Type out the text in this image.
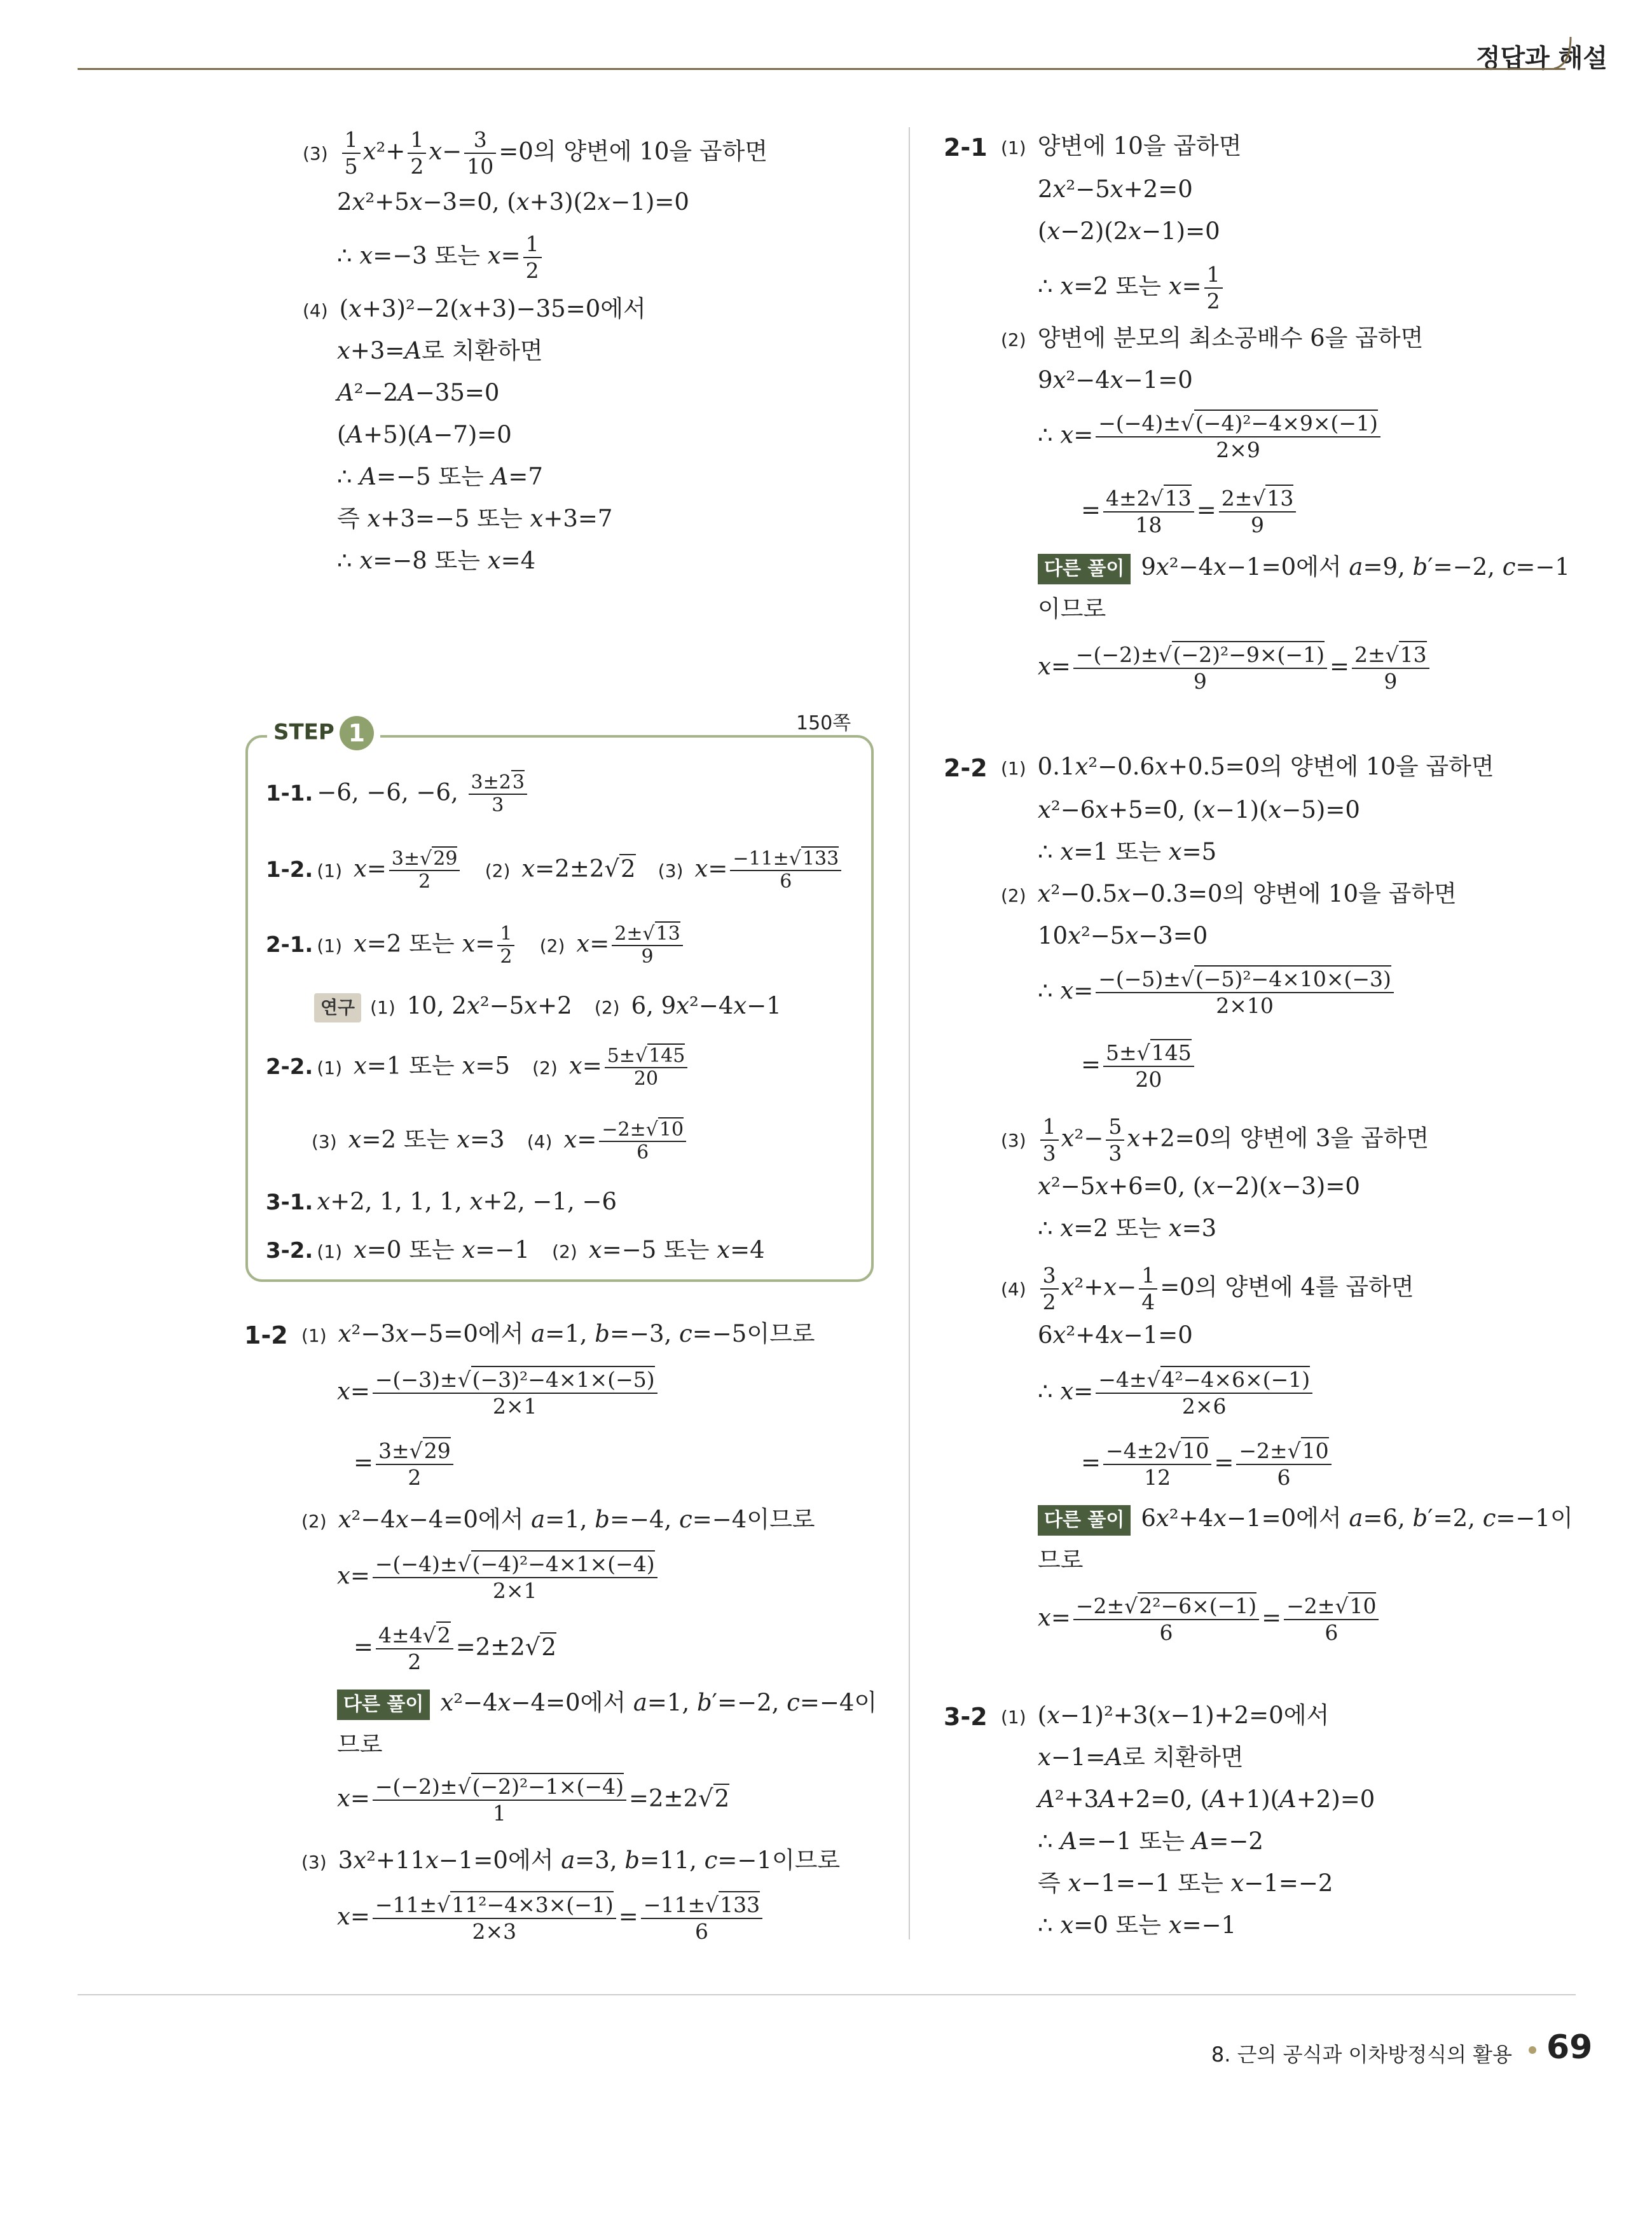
정답과 해설
$(3) \frac{1}{5} x^2+ \frac{1}{2} x- \frac{3}{10} =0$의 양변에 10을 곱하면
2x²+5x−3=0, (x+3)(2x−1)=0
∴ x=−3 또는 $x= \frac{1}{2}$
(4) (x+3)²−2(x+3)−35=0에서
x+3=A로 치환하면
A²−2A−35=0
(A+5)(A−7)=0
∴ A=−5 또는 A=7
즉 x+3=−5 또는 x+3=7
∴ x=−8 또는 x=4
150쪽
STEP 1
1-1. −6, −6, −6, $\frac{3\pm 23}{3}$
1-2. (1) $x= \frac{3\pm√29}{2} (2)$ x=2±2√2 (3) $x= \frac{-11\pm√133}{6}$
2-1. (1) x=2 또는 $x= \frac{1}{2} (2)$ $x= \frac{2\pm√13}{9}$
연구 (1) 10, 2x²−5x+2   (2) 6, 9x²−4x−1
2-2. (1) x=1 또는 x=5   (2) $x= \frac{5\pm√145}{20}$
(3) x=2 또는 x=3   (4) $x= \frac{-2\pm√10}{6}$
3-1. x+2, 1, 1, 1, x+2, −1, −6
3-2. (1) x=0 또는 x=−1   (2) x=−5 또는 x=4
1-2 (1) x²−3x−5=0에서 a=1, b=−3, c=−5이므로
$x= \frac{\text{−(−3)±√(−3)²−4×1×(−5)}}{2\times 1}$
= $\frac{3\pm√29}{2}$
(2) x²−4x−4=0에서 a=1, b=−4, c=−4이므로
$x= \frac{\text{−(−4)±√(−4)²−4×1×(−4)}}{2\times 1}$
= $\frac{4\pm 4√2}{2} =2\pm 2√2$
다른 풀이 x²−4x−4=0에서 a=1, b′=−2, c=−4이
므로
$x= \frac{\text{−(−2)±√(−2)²−1×(−4)}}{1} =2\pm 2√2$
(3) 3x²+11x−1=0에서 a=3, b=11, c=−1이므로
$x= \frac{\text{−11±√11²−4×3×(−1)}}{2\times 3} = \frac{-11\pm√133}{6}$
2-1 (1) 양변에 10을 곱하면
2x²−5x+2=0
(x−2)(2x−1)=0
∴ x=2 또는 $x= \frac{1}{2}$
(2) 양변에 분모의 최소공배수 6을 곱하면
9x²−4x−1=0
∴ $x= \frac{\text{−(−4)±√(−4)²−4×9×(−1)}}{2\times 9}$
= $\frac{4\pm 2√13}{18} = \frac{2\pm√13}{9}$
다른 풀이 9x²−4x−1=0에서 a=9, b′=−2, c=−1
이므로
$x= \frac{\text{−(−2)±√(−2)²−9×(−1)}}{9} = \frac{2\pm√13}{9}$
2-2 (1) 0.1x²−0.6x+0.5=0의 양변에 10을 곱하면
x²−6x+5=0, (x−1)(x−5)=0
∴ x=1 또는 x=5
(2) x²−0.5x−0.3=0의 양변에 10을 곱하면
10x²−5x−3=0
∴ $x= \frac{\text{−(−5)±√(−5)²−4×10×(−3)}}{2\times 10}$
= $\frac{5\pm√145}{20}$
$(3) \frac{1}{3} x^2- \frac{5}{3} x+2=0$의 양변에 3을 곱하면
x²−5x+6=0, (x−2)(x−3)=0
∴ x=2 또는 x=3
$(4) \frac{3}{2} x^2+x- \frac{1}{4} =0$의 양변에 4를 곱하면
6x²+4x−1=0
∴ $x= \frac{\text{−4±√4²−4×6×(−1)}}{2\times 6}$
= $\frac{-4\pm 2√10}{12} = \frac{-2\pm√10}{6}$
다른 풀이 6x²+4x−1=0에서 a=6, b′=2, c=−1이
므로
$x= \frac{\text{−2±√2²−6×(−1)}}{6} = \frac{-2\pm√10}{6}$
3-2 (1) (x−1)²+3(x−1)+2=0에서
x−1=A로 치환하면
A²+3A+2=0, (A+1)(A+2)=0
∴ A=−1 또는 A=−2
즉 x−1=−1 또는 x−1=−2
∴ x=0 또는 x=−1
8. 근의 공식과 이차방정식의 활용 69
